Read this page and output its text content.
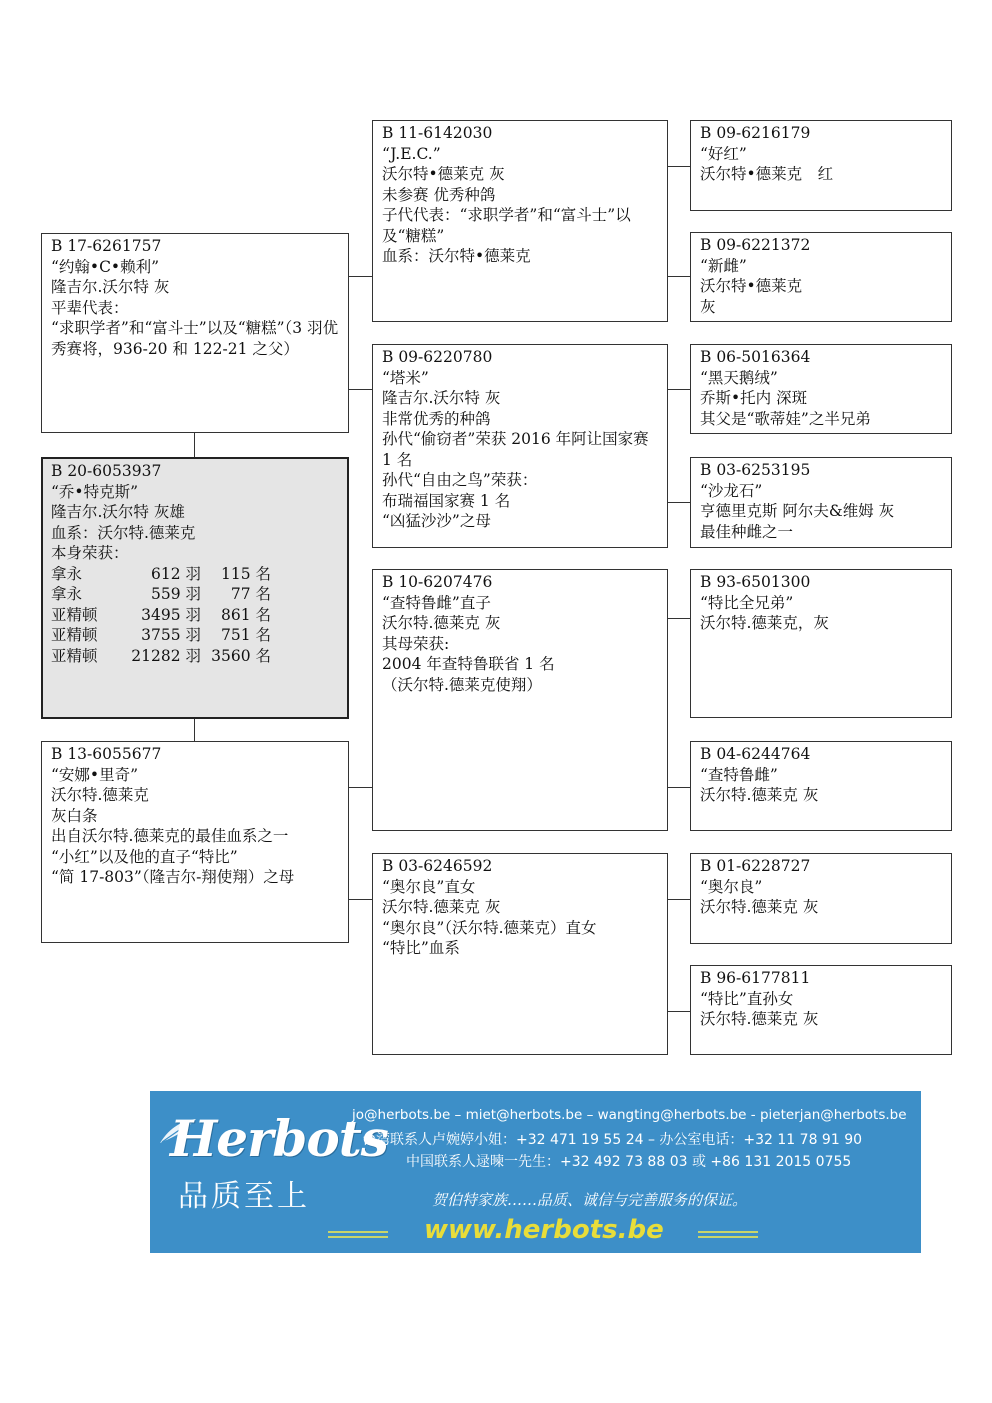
B 17-6261757
“约翰•C•赖利”
隆吉尔.沃尔特 灰
平辈代表：
“求职学者”和“富斗士”以及“糖糕”（3 羽优秀赛将，936-20 和 122-21 之父）
B 20-6053937
“乔•特克斯”
隆吉尔.沃尔特 灰雄
血系：沃尔特.德莱克
本身荣获：
拿永	612 羽	115 名
拿永	559 羽	77 名
亚精顿	3495 羽	861 名
亚精顿	3755 羽	751 名
亚精顿	21282 羽 3560 名
B 13-6055677
“安娜•里奇”
沃尔特.德莱克
灰白条
出自沃尔特.德莱克的最佳血系之一
“小红”以及他的直子“特比”
“简 17-803”（隆吉尔-翔使翔）之母
B 11-6142030
“J.E.C.”
沃尔特•德莱克 灰
未参赛 优秀种鸽
子代代表：“求职学者”和“富斗士”以及“糖糕”
血系：沃尔特•德莱克
B 09-6220780
“塔米”
隆吉尔.沃尔特 灰
非常优秀的种鸽
孙代“偷窃者”荣获 2016 年阿让国家赛 1 名
孙代“自由之鸟”荣获：
布瑞福国家赛 1 名
“凶猛沙沙”之母
B 10-6207476
“查特鲁雌”直子
沃尔特.德莱克 灰
其母荣获:
2004 年查特鲁联省 1 名
（沃尔特.德莱克使翔）
B 03-6246592
“奥尔良”直女
沃尔特.德莱克 灰
“奥尔良”（沃尔特.德莱克）直女
“特比”血系
B 09-6216179
“好红”
沃尔特•德莱克　红
B 09-6221372
“新雌”
沃尔特•德莱克
灰
B 06-5016364
“黑天鹅绒”
乔斯•托内 深斑
其父是“歌蒂娃”之半兄弟
B 03-6253195
“沙龙石”
亨德里克斯 阿尔夫&维姆 灰
最佳种雌之一
B 93-6501300
“特比全兄弟”
沃尔特.德莱克，灰
B 04-6244764
“查特鲁雌”
沃尔特.德莱克 灰
B 01-6228727
“奥尔良”
沃尔特.德莱克 灰
B 96-6177811
“特比”直孙女
沃尔特.德莱克 灰
Herbots
品质至上
jo@herbots.be – miet@herbots.be – wangting@herbots.be - pieterjan@herbots.be
台湾联系人卢婉婷小姐：+32 471 19 55 24 – 办公室电话：+32 11 78 91 90
中国联系人逯暕一先生：+32 492 73 88 03 或 +86 131 2015 0755
贺伯特家族……品质、诚信与完善服务的保证。
www.herbots.be
